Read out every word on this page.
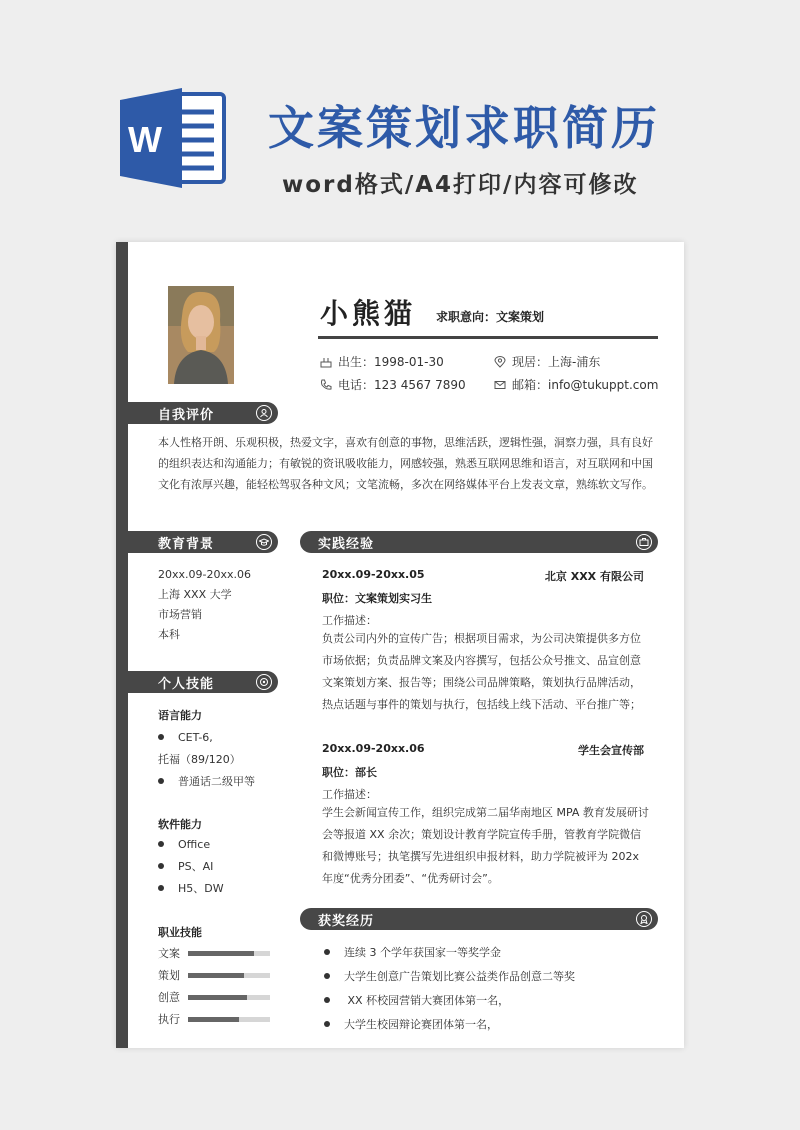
W 文案策划求职简历
word格式/A4打印/内容可修改
小熊猫 求职意向：文案策划
出生：1998-01-30	现居：上海-浦东
电话：123 4567 7890	邮箱：info@tukuppt.com
自我评价
本人性格开朗、乐观积极，热爱文字，喜欢有创意的事物，思维活跃，逻辑性强，洞察力强，具有良好的组织表达和沟通能力；有敏锐的资讯吸收能力，网感较强，熟悉互联网思维和语言，对互联网和中国文化有浓厚兴趣，能轻松驾驭各种文风；文笔流畅，多次在网络媒体平台上发表文章，熟练软文写作。
教育背景
20xx.09-20xx.06
上海 XXX 大学
市场营销
本科
个人技能
语言能力
CET-6,
托福（89/120）
普通话二级甲等
软件能力
Office
PS、AI
H5、DW
职业技能
文案
策划
创意
执行
实践经验
20xx.09-20xx.05	北京 XXX 有限公司
职位：文案策划实习生
工作描述：
负责公司内外的宣传广告；根据项目需求，为公司决策提供多方位市场依据；负责品牌文案及内容撰写，包括公众号推文、品宣创意文案策划方案、报告等；围绕公司品牌策略，策划执行品牌活动，热点话题与事件的策划与执行，包括线上线下活动、平台推广等；
20xx.09-20xx.06	学生会宣传部
职位：部长
工作描述：
学生会新闻宣传工作，组织完成第二届华南地区 MPA 教育发展研讨会等报道 XX 余次；策划设计教育学院宣传手册，管教育学院微信和微博账号；执笔撰写先进组织申报材料，助力学院被评为 202x 年度“优秀分团委”、“优秀研讨会”。
获奖经历
连续 3 个学年获国家一等奖学金
大学生创意广告策划比赛公益类作品创意二等奖
XX 杯校园营销大赛团体第一名，
大学生校园辩论赛团体第一名，
